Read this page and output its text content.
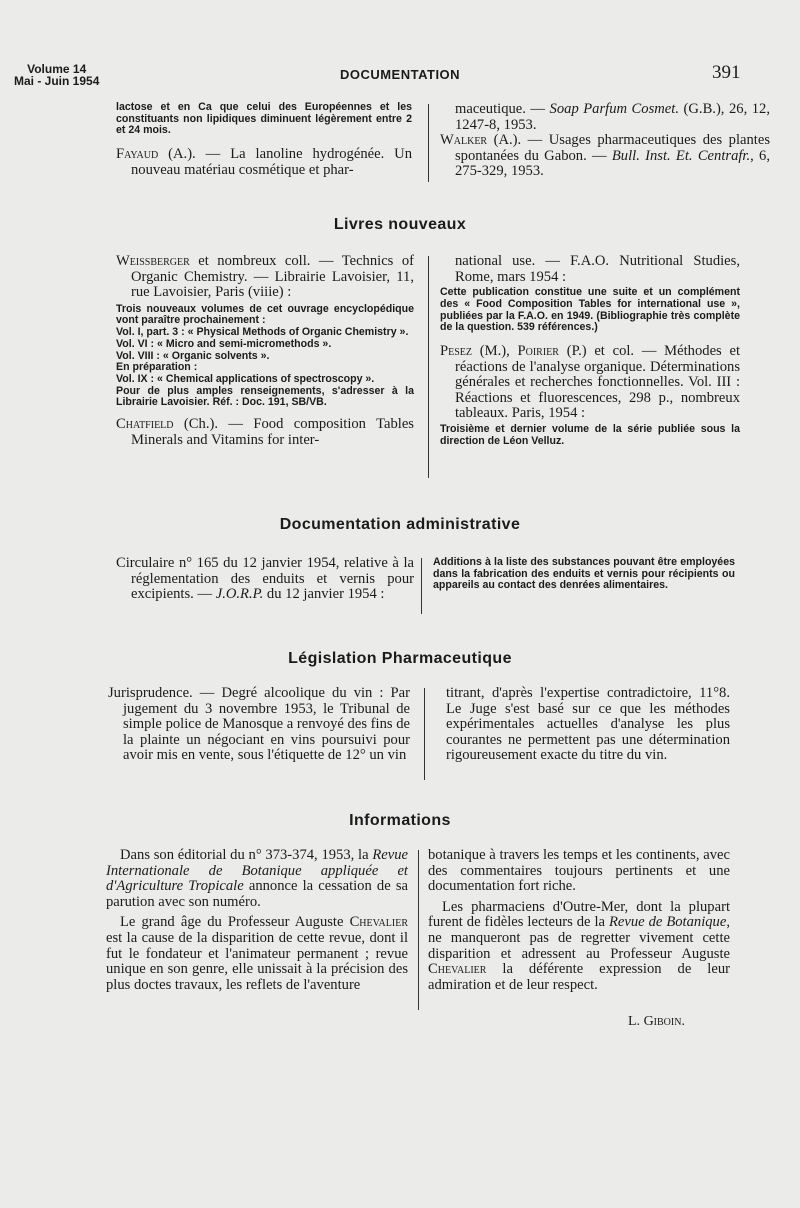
Volume 14
Mai - Juin 1954	DOCUMENTATION	391

lactose et en Ca que celui des Européennes et les constituants non lipidiques diminuent légèrement entre 2 et 24 mois.

Fayaud (A.). — La lanoline hydrogénée. Un nouveau matériau cosmétique et phar-

maceutique. — Soap Parfum Cosmet. (G.B.), 26, 12, 1247-8, 1953.

Walker (A.). — Usages pharmaceutiques des plantes spontanées du Gabon. — Bull. Inst. Et. Centrafr., 6, 275-329, 1953.

Livres nouveaux

Weissberger et nombreux coll. — Technics of Organic Chemistry. — Librairie Lavoisier, 11, rue Lavoisier, Paris (viiie) :

Trois nouveaux volumes de cet ouvrage encyclopédique vont paraître prochainement :
Vol. I, part. 3 : « Physical Methods of Organic Chemistry ».
Vol. VI : « Micro and semi-micromethods ».
Vol. VIII : « Organic solvents ».
En préparation :
Vol. IX : « Chemical applications of spectroscopy ».
Pour de plus amples renseignements, s'adresser à la Librairie Lavoisier. Réf. : Doc. 191, SB/VB.

Chatfield (Ch.). — Food composition Tables Minerals and Vitamins for inter-

national use. — F.A.O. Nutritional Studies, Rome, mars 1954 :

Cette publication constitue une suite et un complément des « Food Composition Tables for international use », publiées par la F.A.O. en 1949. (Bibliographie très complète de la question. 539 références.)

Pesez (M.), Poirier (P.) et col. — Méthodes et réactions de l'analyse organique. Déterminations générales et recherches fonctionnelles. Vol. III : Réactions et fluorescences, 298 p., nombreux tableaux. Paris, 1954 :

Troisième et dernier volume de la série publiée sous la direction de Léon Velluz.

Documentation administrative

Circulaire n° 165 du 12 janvier 1954, relative à la réglementation des enduits et vernis pour excipients. — J.O.R.P. du 12 janvier 1954 :

Additions à la liste des substances pouvant être employées dans la fabrication des enduits et vernis pour récipients ou appareils au contact des denrées alimentaires.

Législation Pharmaceutique

Jurisprudence. — Degré alcoolique du vin : Par jugement du 3 novembre 1953, le Tribunal de simple police de Manosque a renvoyé des fins de la plainte un négociant en vins poursuivi pour avoir mis en vente, sous l'étiquette de 12° un vin

titrant, d'après l'expertise contradictoire, 11°8. Le Juge s'est basé sur ce que les méthodes expérimentales actuelles d'analyse les plus courantes ne permettent pas une détermination rigoureusement exacte du titre du vin.

Informations

Dans son éditorial du n° 373-374, 1953, la Revue Internationale de Botanique appliquée et d'Agriculture Tropicale annonce la cessation de sa parution avec son numéro.

Le grand âge du Professeur Auguste Chevalier est la cause de la disparition de cette revue, dont il fut le fondateur et l'animateur permanent ; revue unique en son genre, elle unissait à la précision des plus doctes travaux, les reflets de l'aventure

botanique à travers les temps et les continents, avec des commentaires toujours pertinents et une documentation fort riche.

Les pharmaciens d'Outre-Mer, dont la plupart furent de fidèles lecteurs de la Revue de Botanique, ne manqueront pas de regretter vivement cette disparition et adressent au Professeur Auguste Chevalier la déférente expression de leur admiration et de leur respect.

L. Giboin.
